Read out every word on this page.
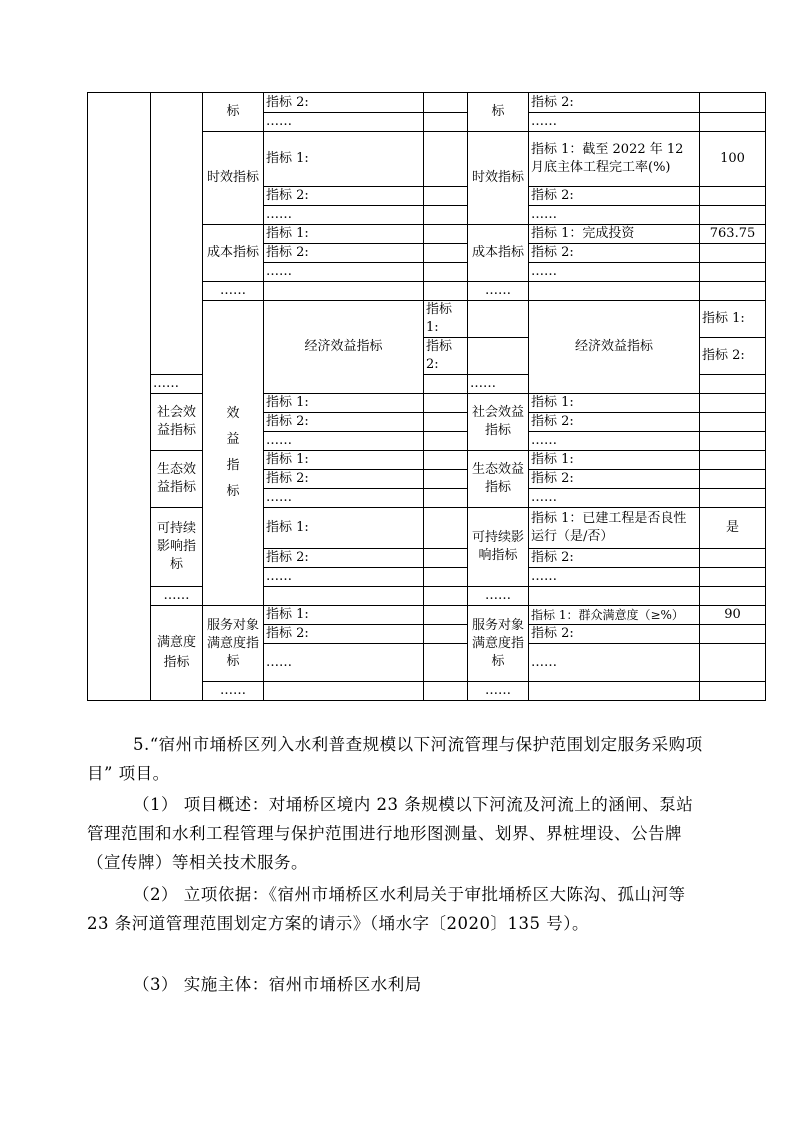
		标	指标 2:		标	指标 2:		
			……			……		
		时效指标	指标 1:		时效指标	指标 1：截至 2022 年 12 月底主体工程完工率(%)	100	
			指标 2:			指标 2:		
			……			……		
		成本指标	指标 1:		成本指标	指标 1：完成投资	763.75	
			指标 2:			指标 2:		
			……			……		
		……			……			

		效益指标	经济效益指标	指标 1:		经济效益指标	指标 1:	
				指标 2:			指标 2:	
	……				……			
	社会效益指标		指标 1:		社会效益指标	指标 1:		
			指标 2:			指标 2:		
			……			……		
	生态效益指标		指标 1:		生态效益指标	指标 1:		
			指标 2:			指标 2:		
			……			……		
	可持续影响指标		指标 1:		可持续影响指标	指标 1：已建工程是否良性运行（是/否）	是	
			指标 2:			指标 2:		
			……			……		
	……				……			

	满意度指标	服务对象满意度指标	指标 1:		服务对象满意度指标	指标 1：群众满意度（≥%）	90	
			指标 2:			指标 2:		
			……			……		
		……			……			

5.“宿州市埇桥区列入水利普查规模以下河流管理与保护范围划定服务采购项目” 项目。

（1） 项目概述：对埇桥区境内 23 条规模以下河流及河流上的涵闸、泵站管理范围和水利工程管理与保护范围进行地形图测量、划界、界桩埋设、公告牌（宣传牌）等相关技术服务。

（2） 立项依据：《宿州市埇桥区水利局关于审批埇桥区大陈沟、孤山河等 23 条河道管理范围划定方案的请示》（埇水字〔2020〕135 号）。

（3） 实施主体：宿州市埇桥区水利局
